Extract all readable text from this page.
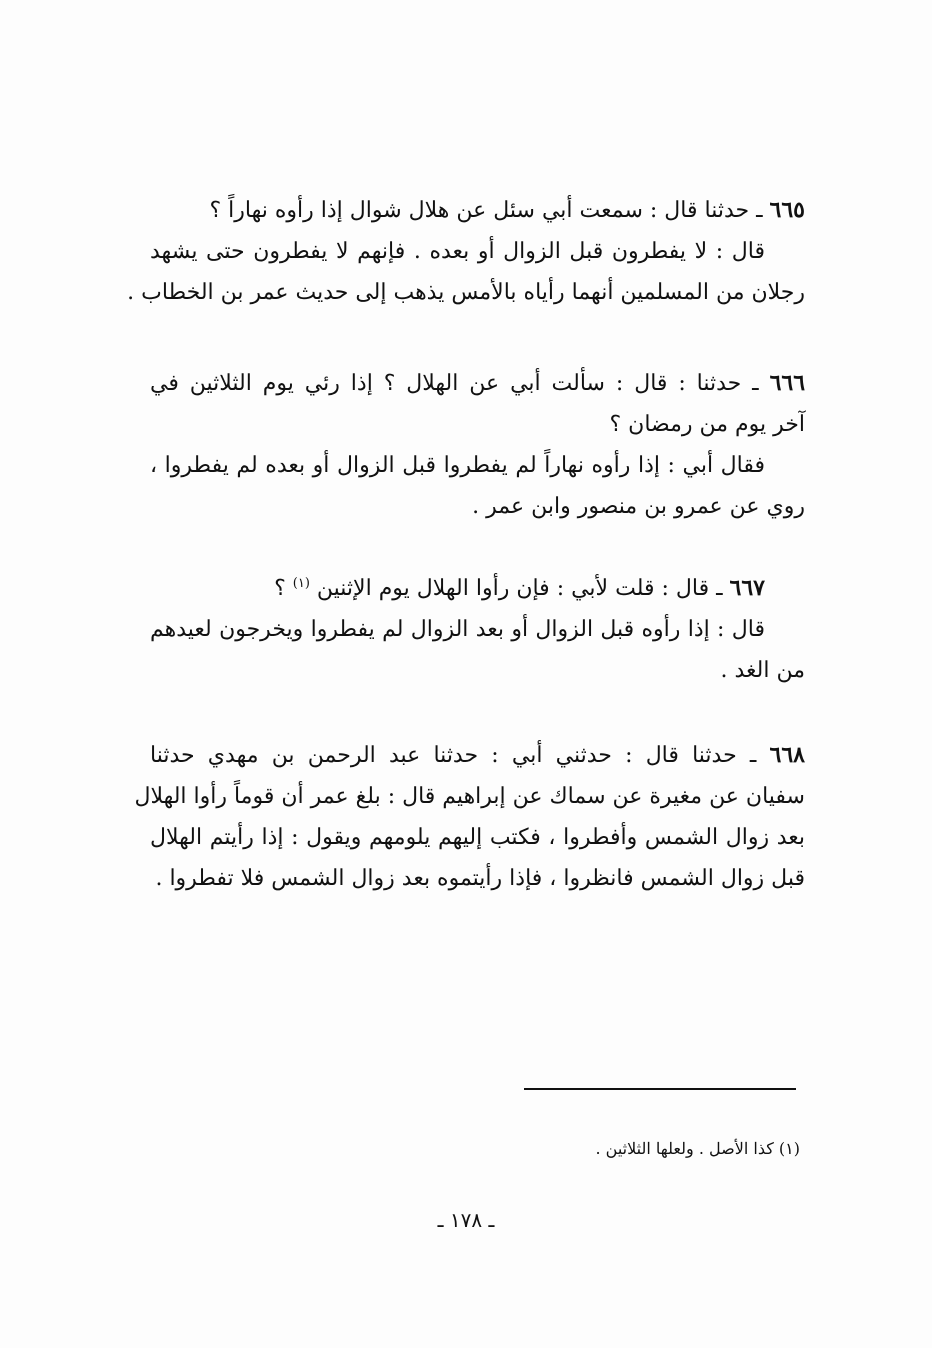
٦٦٥ ـ حدثنا قال : سمعت أبي سئل عن هلال شوال إذا رأوه نهاراً ؟
قال : لا يفطرون قبل الزوال أو بعده . فإنهم لا يفطرون حتى يشهد
رجلان من المسلمين أنهما رأياه بالأمس يذهب إلى حديث عمر بن الخطاب .
٦٦٦ ـ حدثنا : قال : سألت أبي عن الهلال ؟ إذا رئي يوم الثلاثين في
آخر يوم من رمضان ؟
فقال أبي : إذا رأوه نهاراً لم يفطروا قبل الزوال أو بعده لم يفطروا ،
روي عن عمرو بن منصور وابن عمر .
٦٦٧ ـ قال : قلت لأبي : فإن رأوا الهلال يوم الإثنين $^{(١)}$ ؟
قال : إذا رأوه قبل الزوال أو بعد الزوال لم يفطروا ويخرجون لعيدهم
من الغد .
٦٦٨ ـ حدثنا قال : حدثني أبي : حدثنا عبد الرحمن بن مهدي حدثنا
سفيان عن مغيرة عن سماك عن إبراهيم قال : بلغ عمر أن قوماً رأوا الهلال
بعد زوال الشمس وأفطروا ، فكتب إليهم يلومهم ويقول : إذا رأيتم الهلال
قبل زوال الشمس فانظروا ، فإذا رأيتموه بعد زوال الشمس فلا تفطروا .
(١) كذا الأصل . ولعلها الثلاثين .
ـ ١٧٨ ـ
